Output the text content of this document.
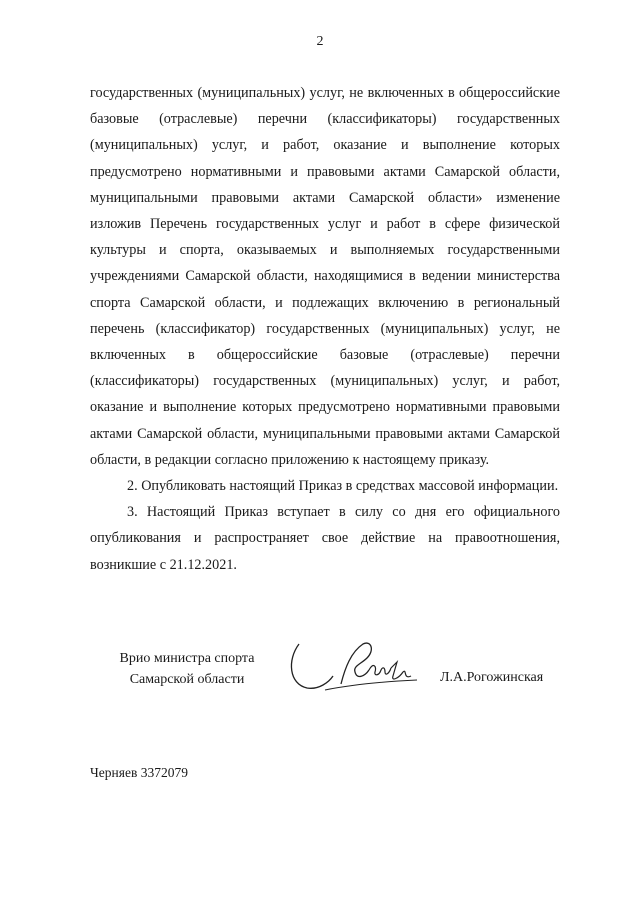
2

государственных (муниципальных) услуг, не включенных в общероссийские базовые (отраслевые) перечни (классификаторы) государственных (муниципальных) услуг, и работ, оказание и выполнение которых предусмотрено нормативными и правовыми актами Самарской области, муниципальными правовыми актами Самарской области» изменение изложив Перечень государственных услуг и работ в сфере физической культуры и спорта, оказываемых и выполняемых государственными учреждениями Самарской области, находящимися в ведении министерства спорта Самарской области, и подлежащих включению в региональный перечень (классификатор) государственных (муниципальных) услуг, не включенных в общероссийские базовые (отраслевые) перечни (классификаторы) государственных (муниципальных) услуг, и работ, оказание и выполнение которых предусмотрено нормативными правовыми актами Самарской области, муниципальными правовыми актами Самарской области, в редакции согласно приложению к настоящему приказу.

2. Опубликовать настоящий Приказ в средствах массовой информации.

3. Настоящий Приказ вступает в силу со дня его официального опубликования и распространяет свое действие на правоотношения, возникшие с 21.12.2021.

Врио министра спорта
Самарской области	Л.А.Рогожинская
Черняев 3372079
